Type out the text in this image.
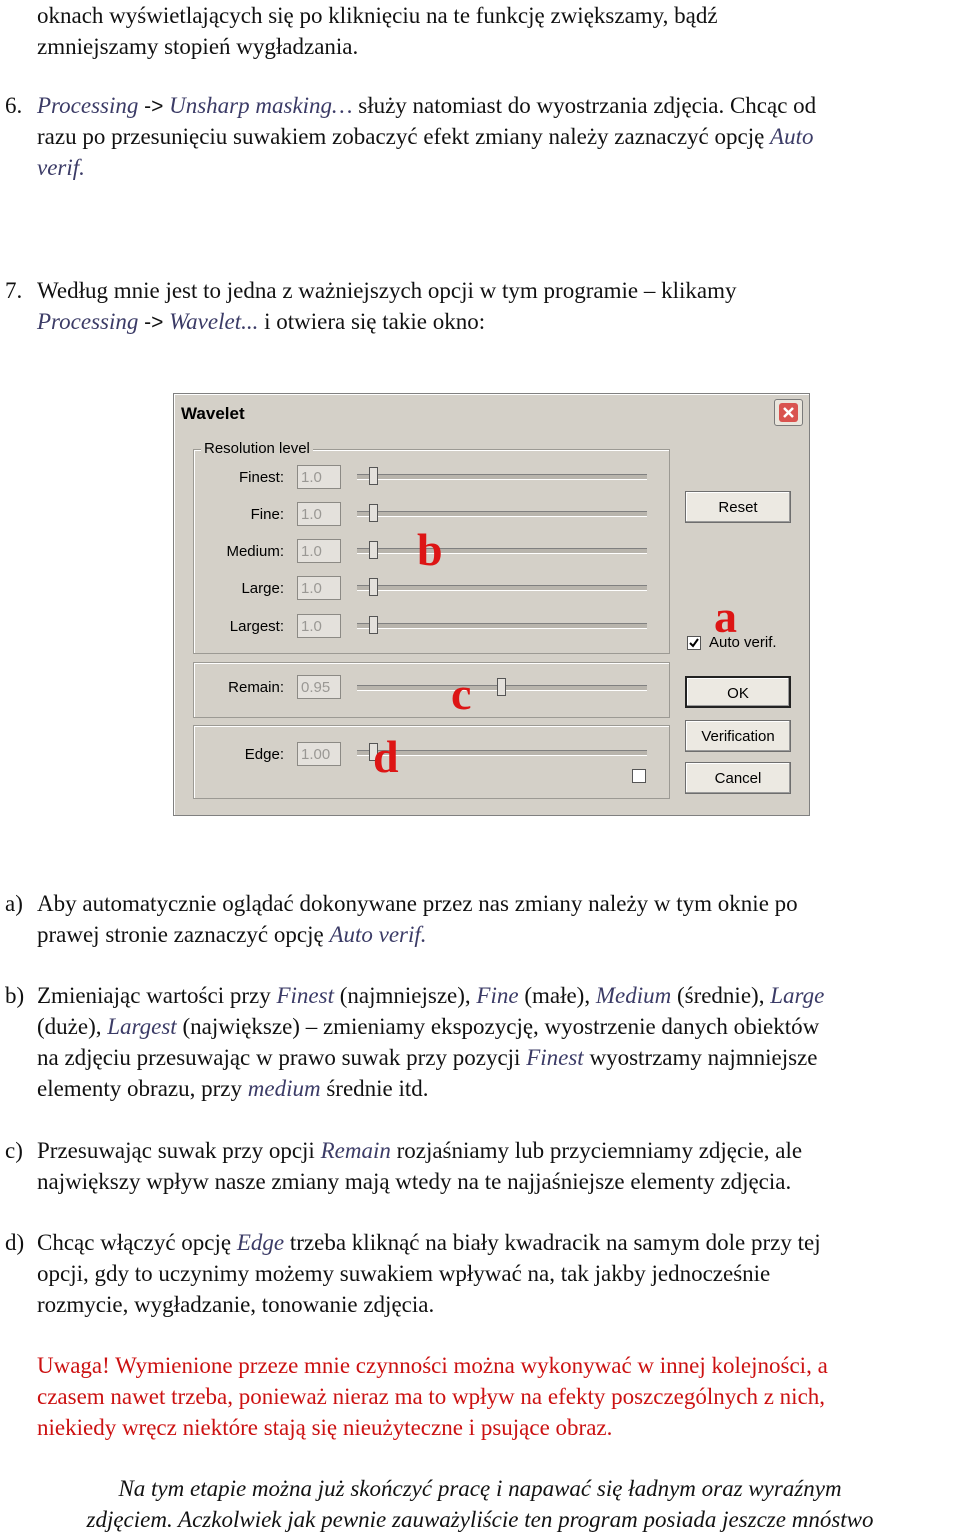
oknach wyświetlających się po kliknięciu na te funkcję zwiększamy, bądź
zmniejszamy stopień wygładzania.
6. Processing -> Unsharp masking… służy natomiast do wyostrzania zdjęcia. Chcąc od
razu po przesunięciu suwakiem zobaczyć efekt zmiany należy zaznaczyć opcję Auto
verif.
7. Według mnie jest to jedna z ważniejszych opcji w tym programie – klikamy
Processing -> Wavelet... i otwiera się takie okno:
Wavelet
Resolution level
Finest: 1.0
Fine: 1.0
Medium: 1.0
Large: 1.0
Largest: 1.0
Remain: 0.95
Edge: 1.00
Reset
OK
Verification
Cancel
Auto verif.
a
b
c
d
a) Aby automatycznie oglądać dokonywane przez nas zmiany należy w tym oknie po
prawej stronie zaznaczyć opcję Auto verif.
b) Zmieniając wartości przy Finest (najmniejsze), Fine (małe), Medium (średnie), Large
(duże), Largest (największe) – zmieniamy ekspozycję, wyostrzenie danych obiektów
na zdjęciu przesuwając w prawo suwak przy pozycji Finest wyostrzamy najmniejsze
elementy obrazu, przy medium średnie itd.
c) Przesuwając suwak przy opcji Remain rozjaśniamy lub przyciemniamy zdjęcie, ale
największy wpływ nasze zmiany mają wtedy na te najjaśniejsze elementy zdjęcia.
d) Chcąc włączyć opcję Edge trzeba kliknąć na biały kwadracik na samym dole przy tej
opcji, gdy to uczynimy możemy suwakiem wpływać na, tak jakby jednocześnie
rozmycie, wygładzanie, tonowanie zdjęcia.
Uwaga! Wymienione przeze mnie czynności można wykonywać w innej kolejności, a
czasem nawet trzeba, ponieważ nieraz ma to wpływ na efekty poszczególnych z nich,
niekiedy wręcz niektóre stają się nieużyteczne i psujące obraz.
Na tym etapie można już skończyć pracę i napawać się ładnym oraz wyraźnym
zdjęciem. Aczkolwiek jak pewnie zauważyliście ten program posiada jeszcze mnóstwo
